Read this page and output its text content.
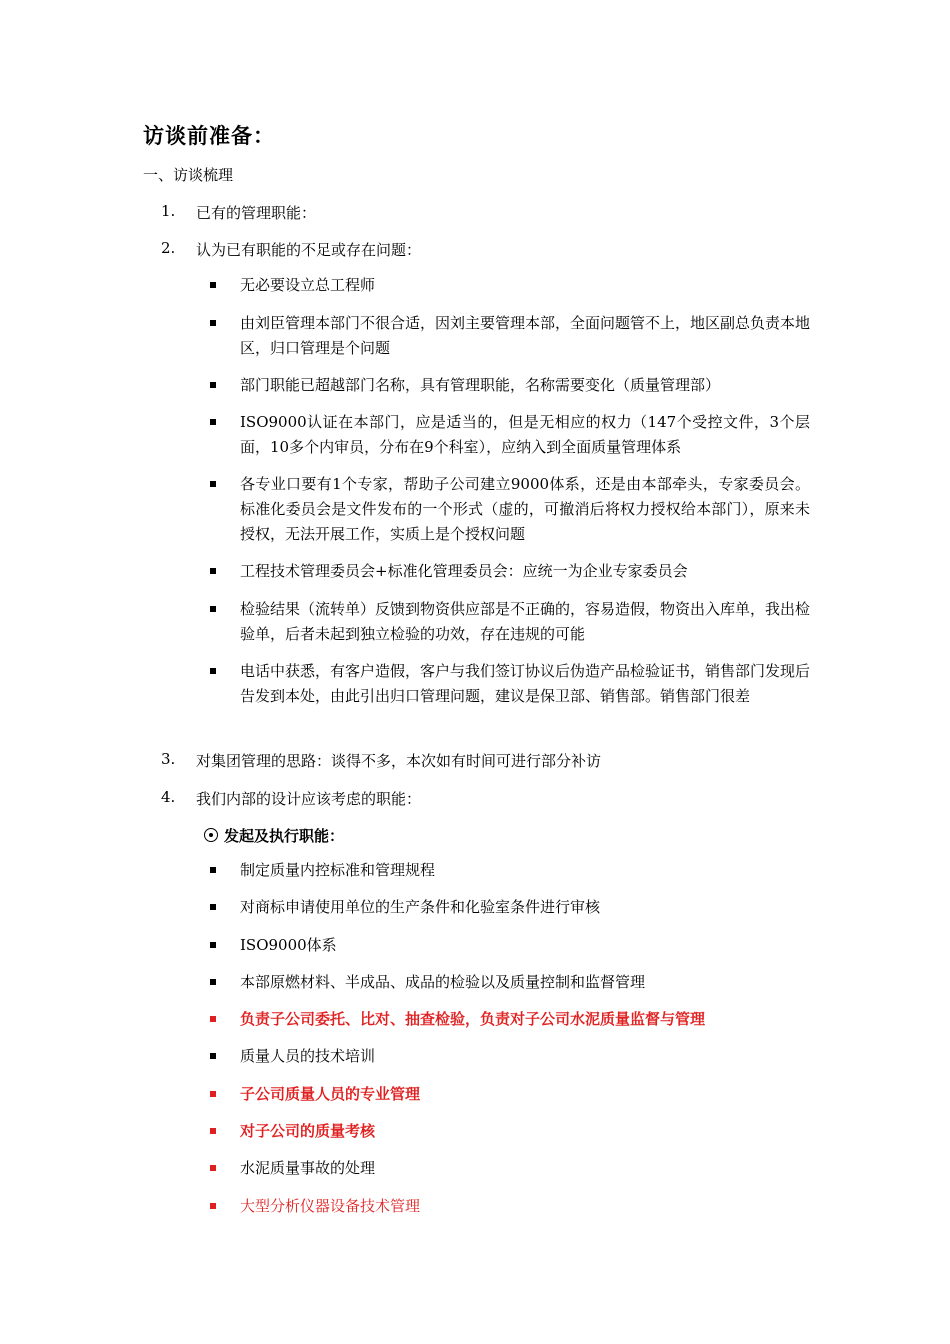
访谈前准备：
一、访谈梳理
1. 已有的管理职能：
2. 认为已有职能的不足或存在问题：
无必要设立总工程师
由刘臣管理本部门不很合适，因刘主要管理本部，全面问题管不上，地区副总负责本地区，归口管理是个问题
部门职能已超越部门名称，具有管理职能，名称需要变化（质量管理部）
ISO9000认证在本部门，应是适当的，但是无相应的权力（147个受控文件，3个层面，10多个内审员，分布在9个科室），应纳入到全面质量管理体系
各专业口要有1个专家，帮助子公司建立9000体系，还是由本部牵头，专家委员会。标准化委员会是文件发布的一个形式（虚的，可撤消后将权力授权给本部门），原来未授权，无法开展工作，实质上是个授权问题
工程技术管理委员会+标准化管理委员会：应统一为企业专家委员会
检验结果（流转单）反馈到物资供应部是不正确的，容易造假，物资出入库单，我出检验单，后者未起到独立检验的功效，存在违规的可能
电话中获悉，有客户造假，客户与我们签订协议后伪造产品检验证书，销售部门发现后告发到本处，由此引出归口管理问题，建议是保卫部、销售部。销售部门很差
3. 对集团管理的思路：谈得不多，本次如有时间可进行部分补访
4. 我们内部的设计应该考虑的职能：
发起及执行职能：
制定质量内控标准和管理规程
对商标申请使用单位的生产条件和化验室条件进行审核
ISO9000体系
本部原燃材料、半成品、成品的检验以及质量控制和监督管理
负责子公司委托、比对、抽查检验，负责对子公司水泥质量监督与管理
质量人员的技术培训
子公司质量人员的专业管理
对子公司的质量考核
水泥质量事故的处理
大型分析仪器设备技术管理
